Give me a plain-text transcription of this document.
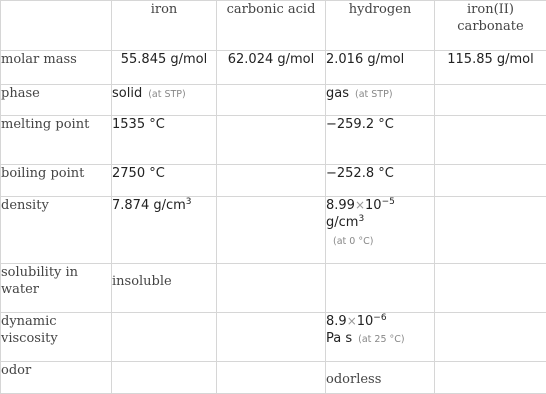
	iron	carbonic acid	hydrogen	iron(II) carbonate
molar mass	55.845 g/mol	62.024 g/mol	2.016 g/mol	115.85 g/mol
phase	solid (at STP)		gas (at STP)	
melting point	1535 °C		−259.2 °C	
boiling point	2750 °C		−252.8 °C	
density	7.874 $g/cm^3$		$8.99\times 10^{-5}$
$g/cm^3$
(at 0 °C)	

solubility in water	insoluble			
dynamic viscosity			$8.9\times 10^{-6}$
Pa s (at 25 °C)	

odor			odorless	
